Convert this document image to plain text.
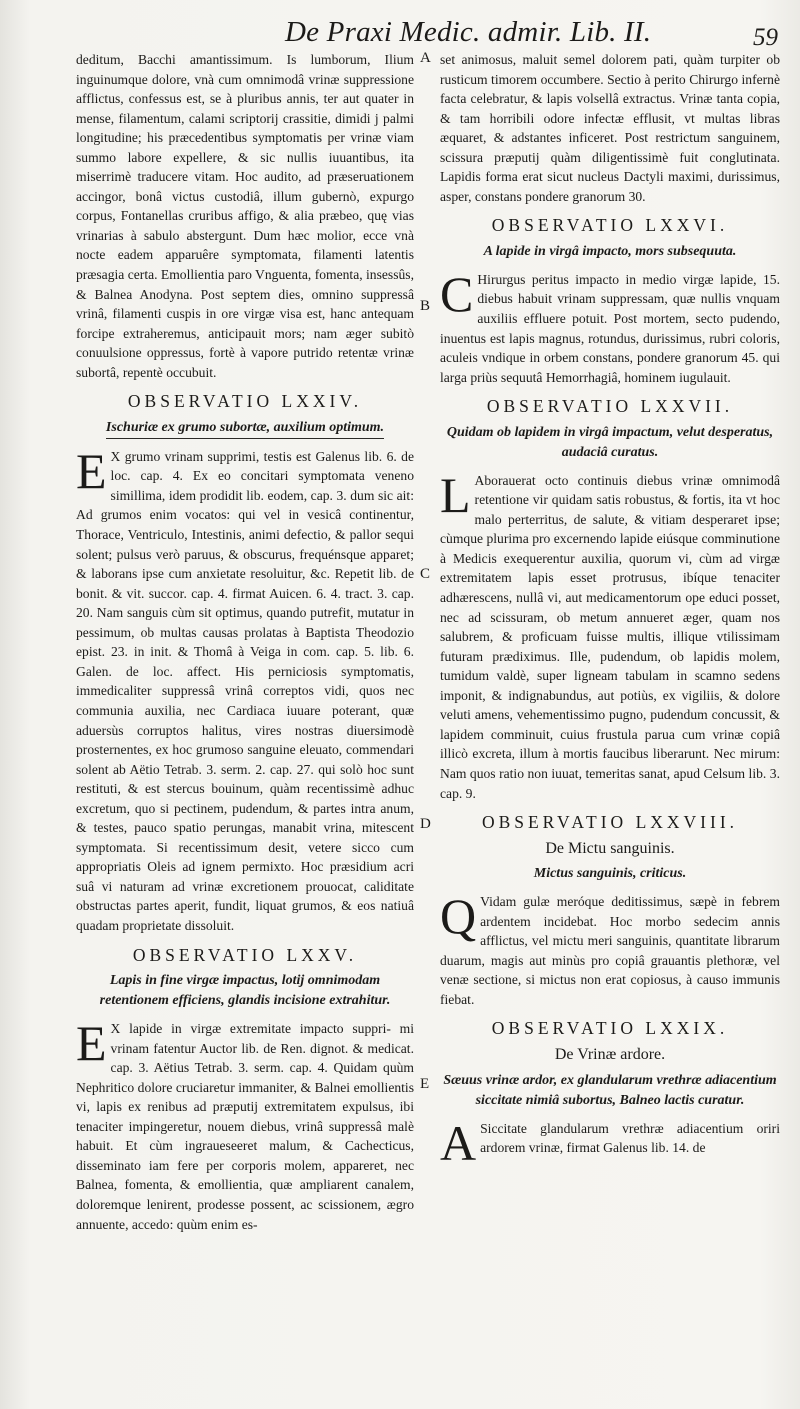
De Praxi Medic. admir. Lib. II.	59
A
B
C
D
E

deditum, Bacchi amantissimum. Is lumborum, Ilium inguinumque dolore, vnà cum omnimodâ vrinæ suppressione afflictus, confessus est, se à pluribus annis, ter aut quater in mense, filamentum, calami scriptorij crassitie, dimidi j palmi longitudine; his præcedentibus symptomatis per vrinæ viam summo labore expellere, & sic nullis iuuantibus, ita miserrimè traducere vitam. Hoc audito, ad præseruationem accingor, bonâ victus custodiâ, illum gubernò, expurgo corpus, Fontanellas cruribus affigo, & alia præbeo, quę vias vrinarias à sabulo abstergunt. Dum hæc molior, ecce vnà nocte eadem apparuêre symptomata, filamenti latentis præsagia certa. Emollientia paro Vnguenta, fomenta, insessûs, & Balnea Anodyna. Post septem dies, omnino suppressâ vrinâ, filamenti cuspis in ore virgæ visa est, hanc antequam forcipe extraheremus, anticipauit mors; nam æger subitò conuulsione oppressus, fortè à vapore putrido retentæ vrinæ subortâ, repentè occubuit.

OBSERVATIO LXXIV.
Ischuriæ ex grumo subortæ, auxilium optimum.

E X grumo vrinam supprimi, testis est Galenus lib. 6. de loc. cap. 4. Ex eo concitari symptomata veneno simillima, idem prodidit lib. eodem, cap. 3. dum sic ait: Ad grumos enim vocatos: qui vel in vesicâ continentur, Thorace, Ventriculo, Intestinis, animi defectio, & pallor sequi solent; pulsus verò paruus, & obscurus, frequénsque apparet; & laborans ipse cum anxietate resoluitur, &c. Repetit lib. de bonit. & vit. succor. cap. 4. firmat Auicen. 6. 4. tract. 3. cap. 20. Nam sanguis cùm sit optimus, quando putrefit, mutatur in pessimum, ob multas causas prolatas à Baptista Theodozio epist. 23. in init. & Thomâ à Veiga in com. cap. 5. lib. 6. Galen. de loc. affect. His perniciosis symptomatis, immedicaliter suppressâ vrinâ correptos vidi, quos nec communia auxilia, nec Cardiaca iuuare poterant, quæ aduersùs corruptos halitus, vires nostras diuersimodè prosternentes, ex hoc grumoso sanguine eleuato, commendari solent ab Aëtio Tetrab. 3. serm. 2. cap. 27. qui solò hoc sunt restituti, & est stercus bouinum, quàm recentissimè adhuc excretum, quo si pectinem, pudendum, & partes intra anum, & testes, pauco spatio perungas, manabit vrina, mitescent symptomata. Si recentissimum desit, vetere sicco cum appropriatis Oleis ad ignem permixto. Hoc præsidium acri suâ vi naturam ad vrinæ excretionem prouocat, caliditate obstructas partes aperit, fundit, liquat grumos, & eos natiuâ quadam proprietate dissoluit.

OBSERVATIO LXXV.
Lapis in fine virgæ impactus, lotij omnimodam retentionem efficiens, glandis incisione extrahitur.

E X lapide in virgæ extremitate impacto suppri- mi vrinam fatentur Auctor lib. de Ren. dignot. & medicat. cap. 3. Aëtius Tetrab. 3. serm. cap. 4. Quidam quùm Nephritico dolore cruciaretur immaniter, & Balnei emollientis vi, lapis ex renibus ad præputij extremitatem expulsus, ibi tenaciter impingeretur, nouem diebus, vrinâ suppressâ malè habuit. Et cùm ingraueseeret malum, & Cachecticus, disseminato iam fere per corporis molem, appareret, nec Balnea, fomenta, & emollientia, quæ ampliarent canalem, doloremque lenirent, prodesse possent, ac scissionem, ægro annuente, accedo: quùm enim es-

set animosus, maluit semel dolorem pati, quàm turpiter ob rusticum timorem occumbere. Sectio à perito Chirurgo infernè facta celebratur, & lapis volsellâ extractus. Vrinæ tanta copia, & tam horribili odore infectæ efflusit, vt multas libras æquaret, & adstantes inficeret. Post restrictum sanguinem, scissura præputij quàm diligentissimè fuit conglutinata. Lapidis forma erat sicut nucleus Dactyli maximi, durissimus, asper, constans pondere granorum 30.

OBSERVATIO LXXVI.
A lapide in virgâ impacto, mors subsequuta.

C Hirurgus peritus impacto in medio virgæ lapide, 15. diebus habuit vrinam suppressam, quæ nullis vnquam auxiliis effluere potuit. Post mortem, secto pudendo, inuentus est lapis magnus, rotundus, durissimus, rubri coloris, aculeis vndique in orbem constans, pondere granorum 45. qui larga priùs sequutâ Hemorrhagiâ, hominem iugulauit.

OBSERVATIO LXXVII.
Quidam ob lapidem in virgâ impactum, velut desperatus, audaciâ curatus.

L Aborauerat octo continuis diebus vrinæ omnimodâ retentione vir quidam satis robustus, & fortis, ita vt hoc malo perterritus, de salute, & vitiam desperaret ipse; cùmque plurima pro excernendo lapide eiúsque comminutione à Medicis exequerentur auxilia, quorum vi, cùm ad virgæ extremitatem lapis esset protrusus, ibíque tenaciter adhærescens, nullâ vi, aut medicamentorum ope educi posset, nec ad scissuram, ob metum annueret æger, quam nos salubrem, & proficuam fuisse multis, illique vtilissimam futuram prædiximus. Ille, pudendum, ob lapidis molem, tumidum valdè, super ligneam tabulam in scamno sedens imponit, & indignabundus, aut potiùs, ex vigiliis, & dolore veluti amens, vehementissimo pugno, pudendum concussit, & lapidem comminuit, cuius frustula parua cum vrinæ copiâ illicò excreta, illum à mortis faucibus liberarunt. Nec mirum: Nam quos ratio non iuuat, temeritas sanat, apud Celsum lib. 3. cap. 9.

OBSERVATIO LXXVIII.
De Mictu sanguinis.
Mictus sanguinis, criticus.

Q Vidam gulæ meróque deditissimus, sæpè in febrem ardentem incidebat. Hoc morbo sedecim annis afflictus, vel mictu meri sanguinis, quantitate librarum duarum, magis aut minùs pro copiâ grauantis plethoræ, vel venæ sectione, si mictus non erat copiosus, à causo immunis fiebat.

OBSERVATIO LXXIX.
De Vrinæ ardore.
Sæuus vrinæ ardor, ex glandularum vrethræ adiacentium siccitate nimiâ subortus, Balneo lactis curatur.

A Siccitate glandularum vrethræ adiacentium oriri ardorem vrinæ, firmat Galenus lib. 14. de
